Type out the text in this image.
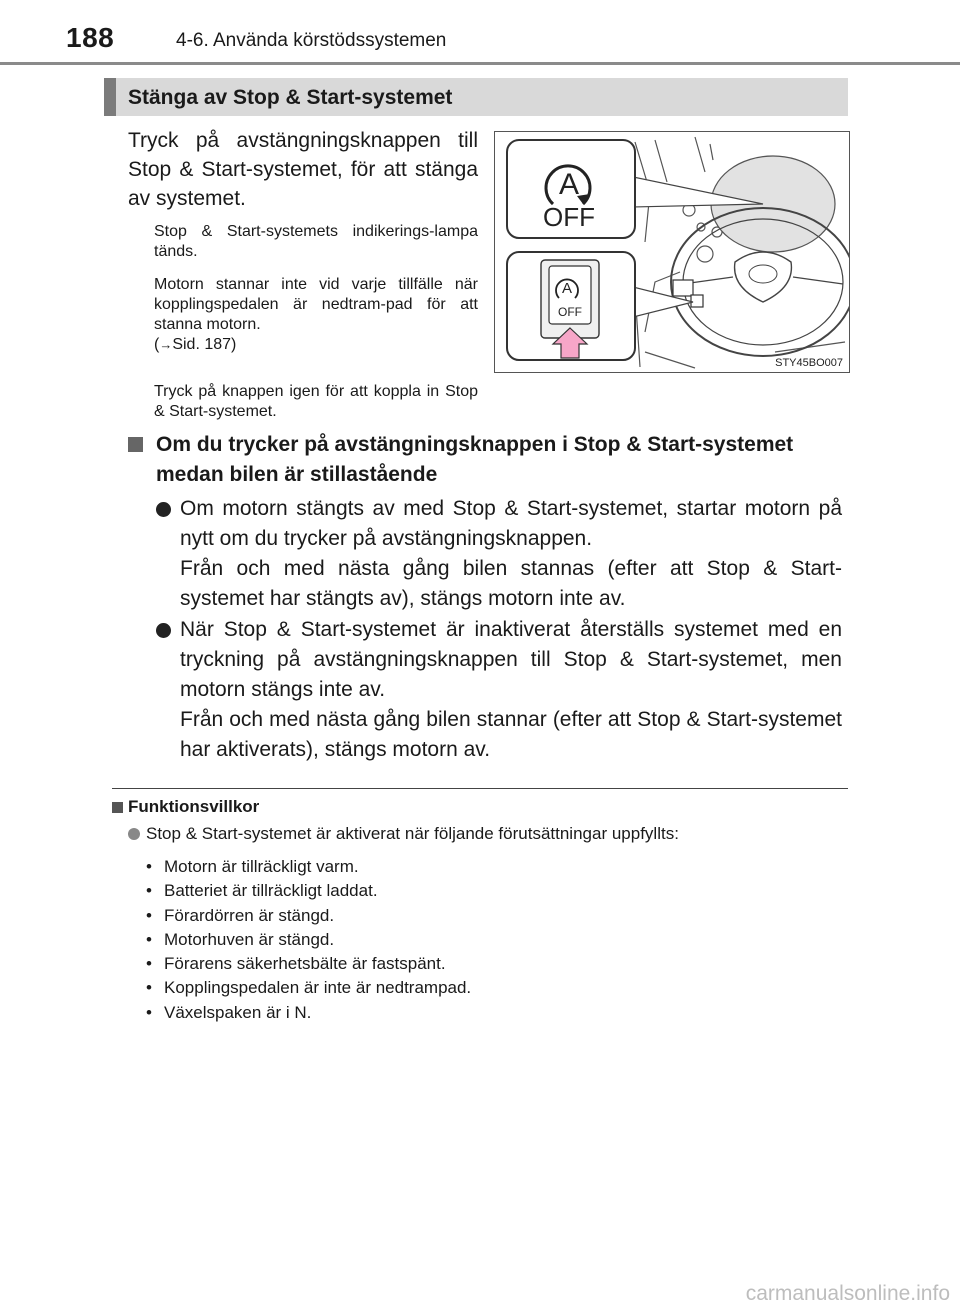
188	4-6. Använda körstödssystemen
Stänga av Stop & Start-systemet
Tryck på avstängningsknappen till Stop & Start-systemet, för att stänga av systemet.
Stop & Start-systemets indikerings-lampa tänds.
Motorn stannar inte vid varje tillfälle när kopplingspedalen är nedtram-pad för att stanna motorn.
(→Sid. 187)
Tryck på knappen igen för att koppla in Stop & Start-systemet.
A
OFF
A
OFF
STY45BO007
Om du trycker på avstängningsknappen i Stop & Start-systemet medan bilen är stillastående
Om motorn stängts av med Stop & Start-systemet, startar motorn på nytt om du trycker på avstängningsknappen.
Från och med nästa gång bilen stannas (efter att Stop & Start-systemet har stängts av), stängs motorn inte av.
När Stop & Start-systemet är inaktiverat återställs systemet med en tryckning på avstängningsknappen till Stop & Start-systemet, men motorn stängs inte av.
Från och med nästa gång bilen stannar (efter att Stop & Start-systemet har aktiverats), stängs motorn av.
Funktionsvillkor
Stop & Start-systemet är aktiverat när följande förutsättningar uppfyllts:
• Motorn är tillräckligt varm.
• Batteriet är tillräckligt laddat.
• Förardörren är stängd.
• Motorhuven är stängd.
• Förarens säkerhetsbälte är fastspänt.
• Kopplingspedalen är inte är nedtrampad.
• Växelspaken är i N.
carmanualsonline.info
